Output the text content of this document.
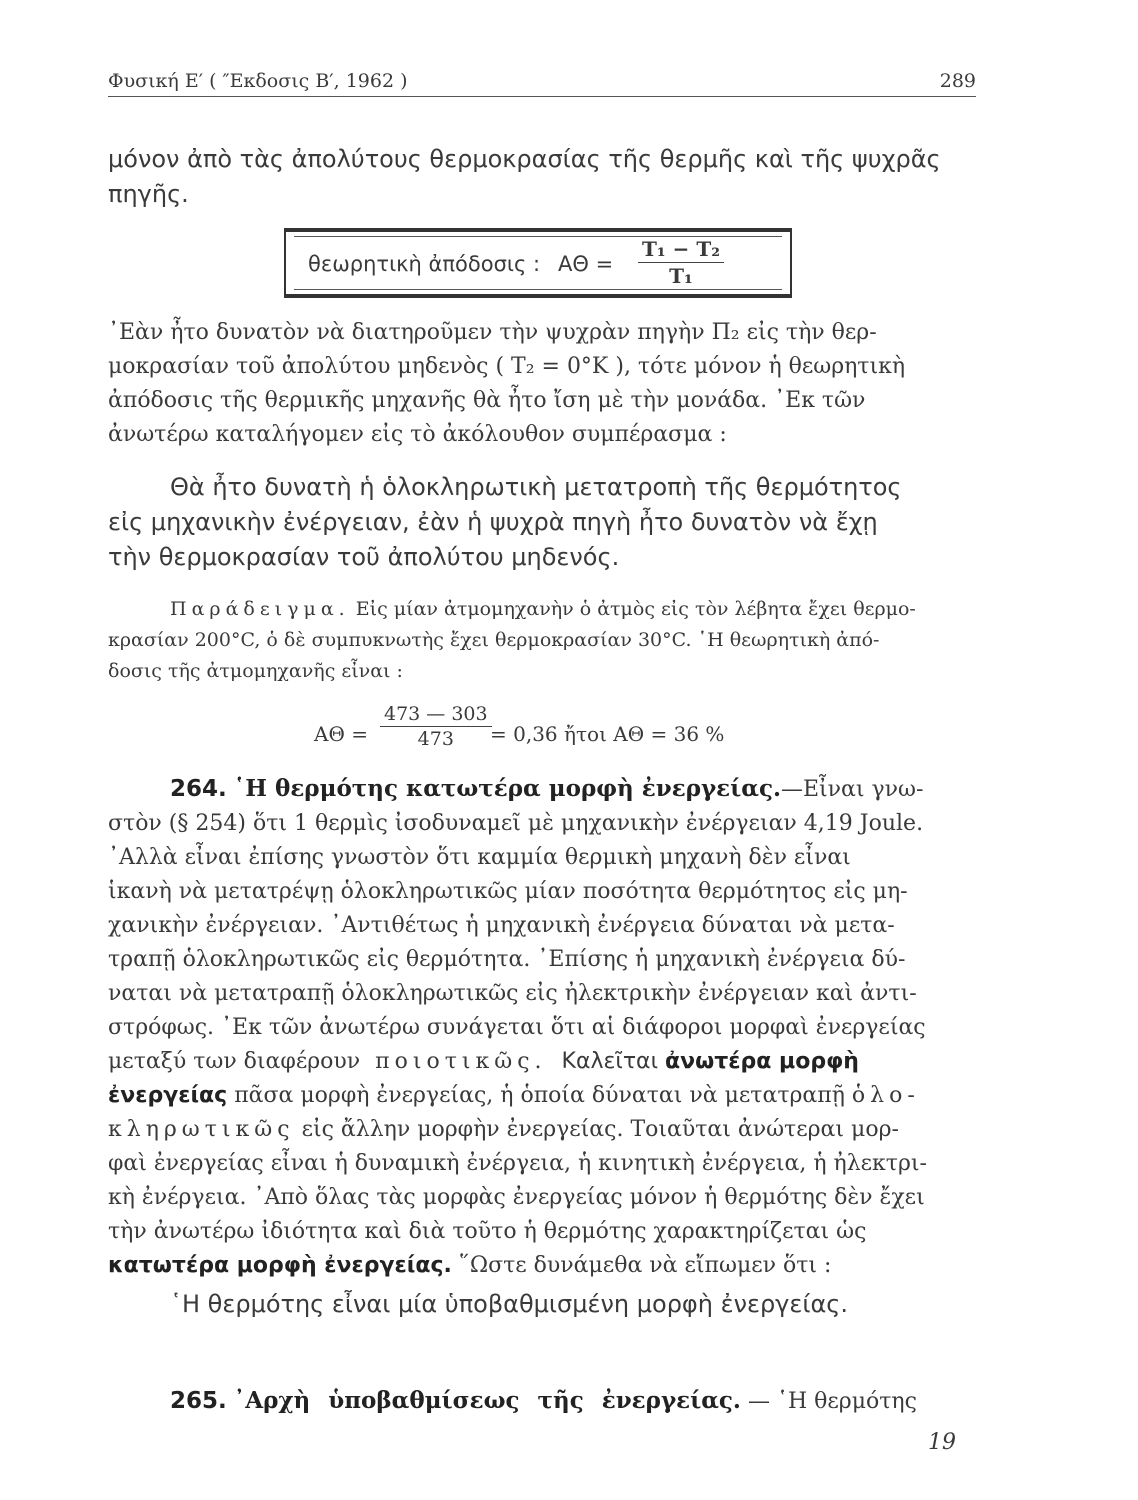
Φυσική Ε′ ( ″Εκδοσις Β′, 1962 )	289

μόνον ἀπὸ τὰς ἀπολύτους θερμοκρασίας τῆς θερμῆς καὶ τῆς ψυχρᾶς

πηγῆς.

θεωρητικὴ ἀπόδοσις : $A\Theta = \frac{\text{T₁ − T₂}}{\text{T₁}}$

᾿Εὰν ἦτο δυνατὸν νὰ διατηροῦμεν τὴν ψυχρὰν πηγὴν Π₂ εἰς τὴν θερ-

μοκρασίαν τοῦ ἀπολύτου μηδενὸς ( Τ₂ = 0°Κ ), τότε μόνον ἡ θεωρητικὴ

ἀπόδοσις τῆς θερμικῆς μηχανῆς θὰ ἦτο ἴση μὲ τὴν μονάδα. ᾿Εκ τῶν

ἀνωτέρω καταλήγομεν εἰς τὸ ἀκόλουθον συμπέρασμα :

Θὰ ἦτο δυνατὴ ἡ ὁλοκληρωτικὴ μετατροπὴ τῆς θερμότητος

εἰς μηχανικὴν ἐνέργειαν, ἐὰν ἡ ψυχρὰ πηγὴ ἦτο δυνατὸν νὰ ἔχῃ

τὴν θερμοκρασίαν τοῦ ἀπολύτου μηδενός.

Παράδειγμα. Εἰς μίαν ἀτμομηχανὴν ὁ ἀτμὸς εἰς τὸν λέβητα ἔχει θερμο-
κρασίαν 200°C, ὁ δὲ συμπυκνωτὴς ἔχει θερμοκρασίαν 30°C. ῾Η θεωρητικὴ ἀπό-
δοσις τῆς ἀτμομηχανῆς εἶναι :
$A\Theta = \frac{473 — 303}{473}$
= 0,36 ἤτοι ΑΘ = 36 %
264. ῾Η θερμότης κατωτέρα μορφὴ ἐνεργείας.—Εἶναι γνω-
στὸν (§ 254) ὅτι 1 θερμὶς ἰσοδυναμεῖ μὲ μηχανικὴν ἐνέργειαν 4,19 Joule.
᾿Αλλὰ εἶναι ἐπίσης γνωστὸν ὅτι καμμία θερμικὴ μηχανὴ δὲν εἶναι
ἱκανὴ νὰ μετατρέψῃ ὁλοκληρωτικῶς μίαν ποσότητα θερμότητος εἰς μη-
χανικὴν ἐνέργειαν. ᾿Αντιθέτως ἡ μηχανικὴ ἐνέργεια δύναται νὰ μετα-
τραπῇ ὁλοκληρωτικῶς εἰς θερμότητα. ᾿Επίσης ἡ μηχανικὴ ἐνέργεια δύ-
ναται νὰ μετατραπῇ ὁλοκληρωτικῶς εἰς ἠλεκτρικὴν ἐνέργειαν καὶ ἀντι-
στρόφως. ᾿Εκ τῶν ἀνωτέρω συνάγεται ὅτι αἱ διάφοροι μορφαὶ ἐνεργείας
μεταξύ των διαφέρουν ποιοτικῶς. Καλεῖται ἀνωτέρα μορφὴ
ἐνεργείας πᾶσα μορφὴ ἐνεργείας, ἡ ὁποία δύναται νὰ μετατραπῇ ὁλο-
κληρωτικῶς εἰς ἄλλην μορφὴν ἐνεργείας. Τοιαῦται ἀνώτεραι μορ-
φαὶ ἐνεργείας εἶναι ἡ δυναμικὴ ἐνέργεια, ἡ κινητικὴ ἐνέργεια, ἡ ἠλεκτρι-
κὴ ἐνέργεια. ᾿Απὸ ὅλας τὰς μορφὰς ἐνεργείας μόνον ἡ θερμότης δὲν ἔχει
τὴν ἀνωτέρω ἰδιότητα καὶ διὰ τοῦτο ἡ θερμότης χαρακτηρίζεται ὡς
κατωτέρα μορφὴ ἐνεργείας. ῞Ωστε δυνάμεθα νὰ εἴπωμεν ὅτι :
῾Η θερμότης εἶναι μία ὑποβαθμισμένη μορφὴ ἐνεργείας.
265. ᾿Αρχὴ ὑποβαθμίσεως τῆς ἐνεργείας. — ῾Η θερμότης
19
